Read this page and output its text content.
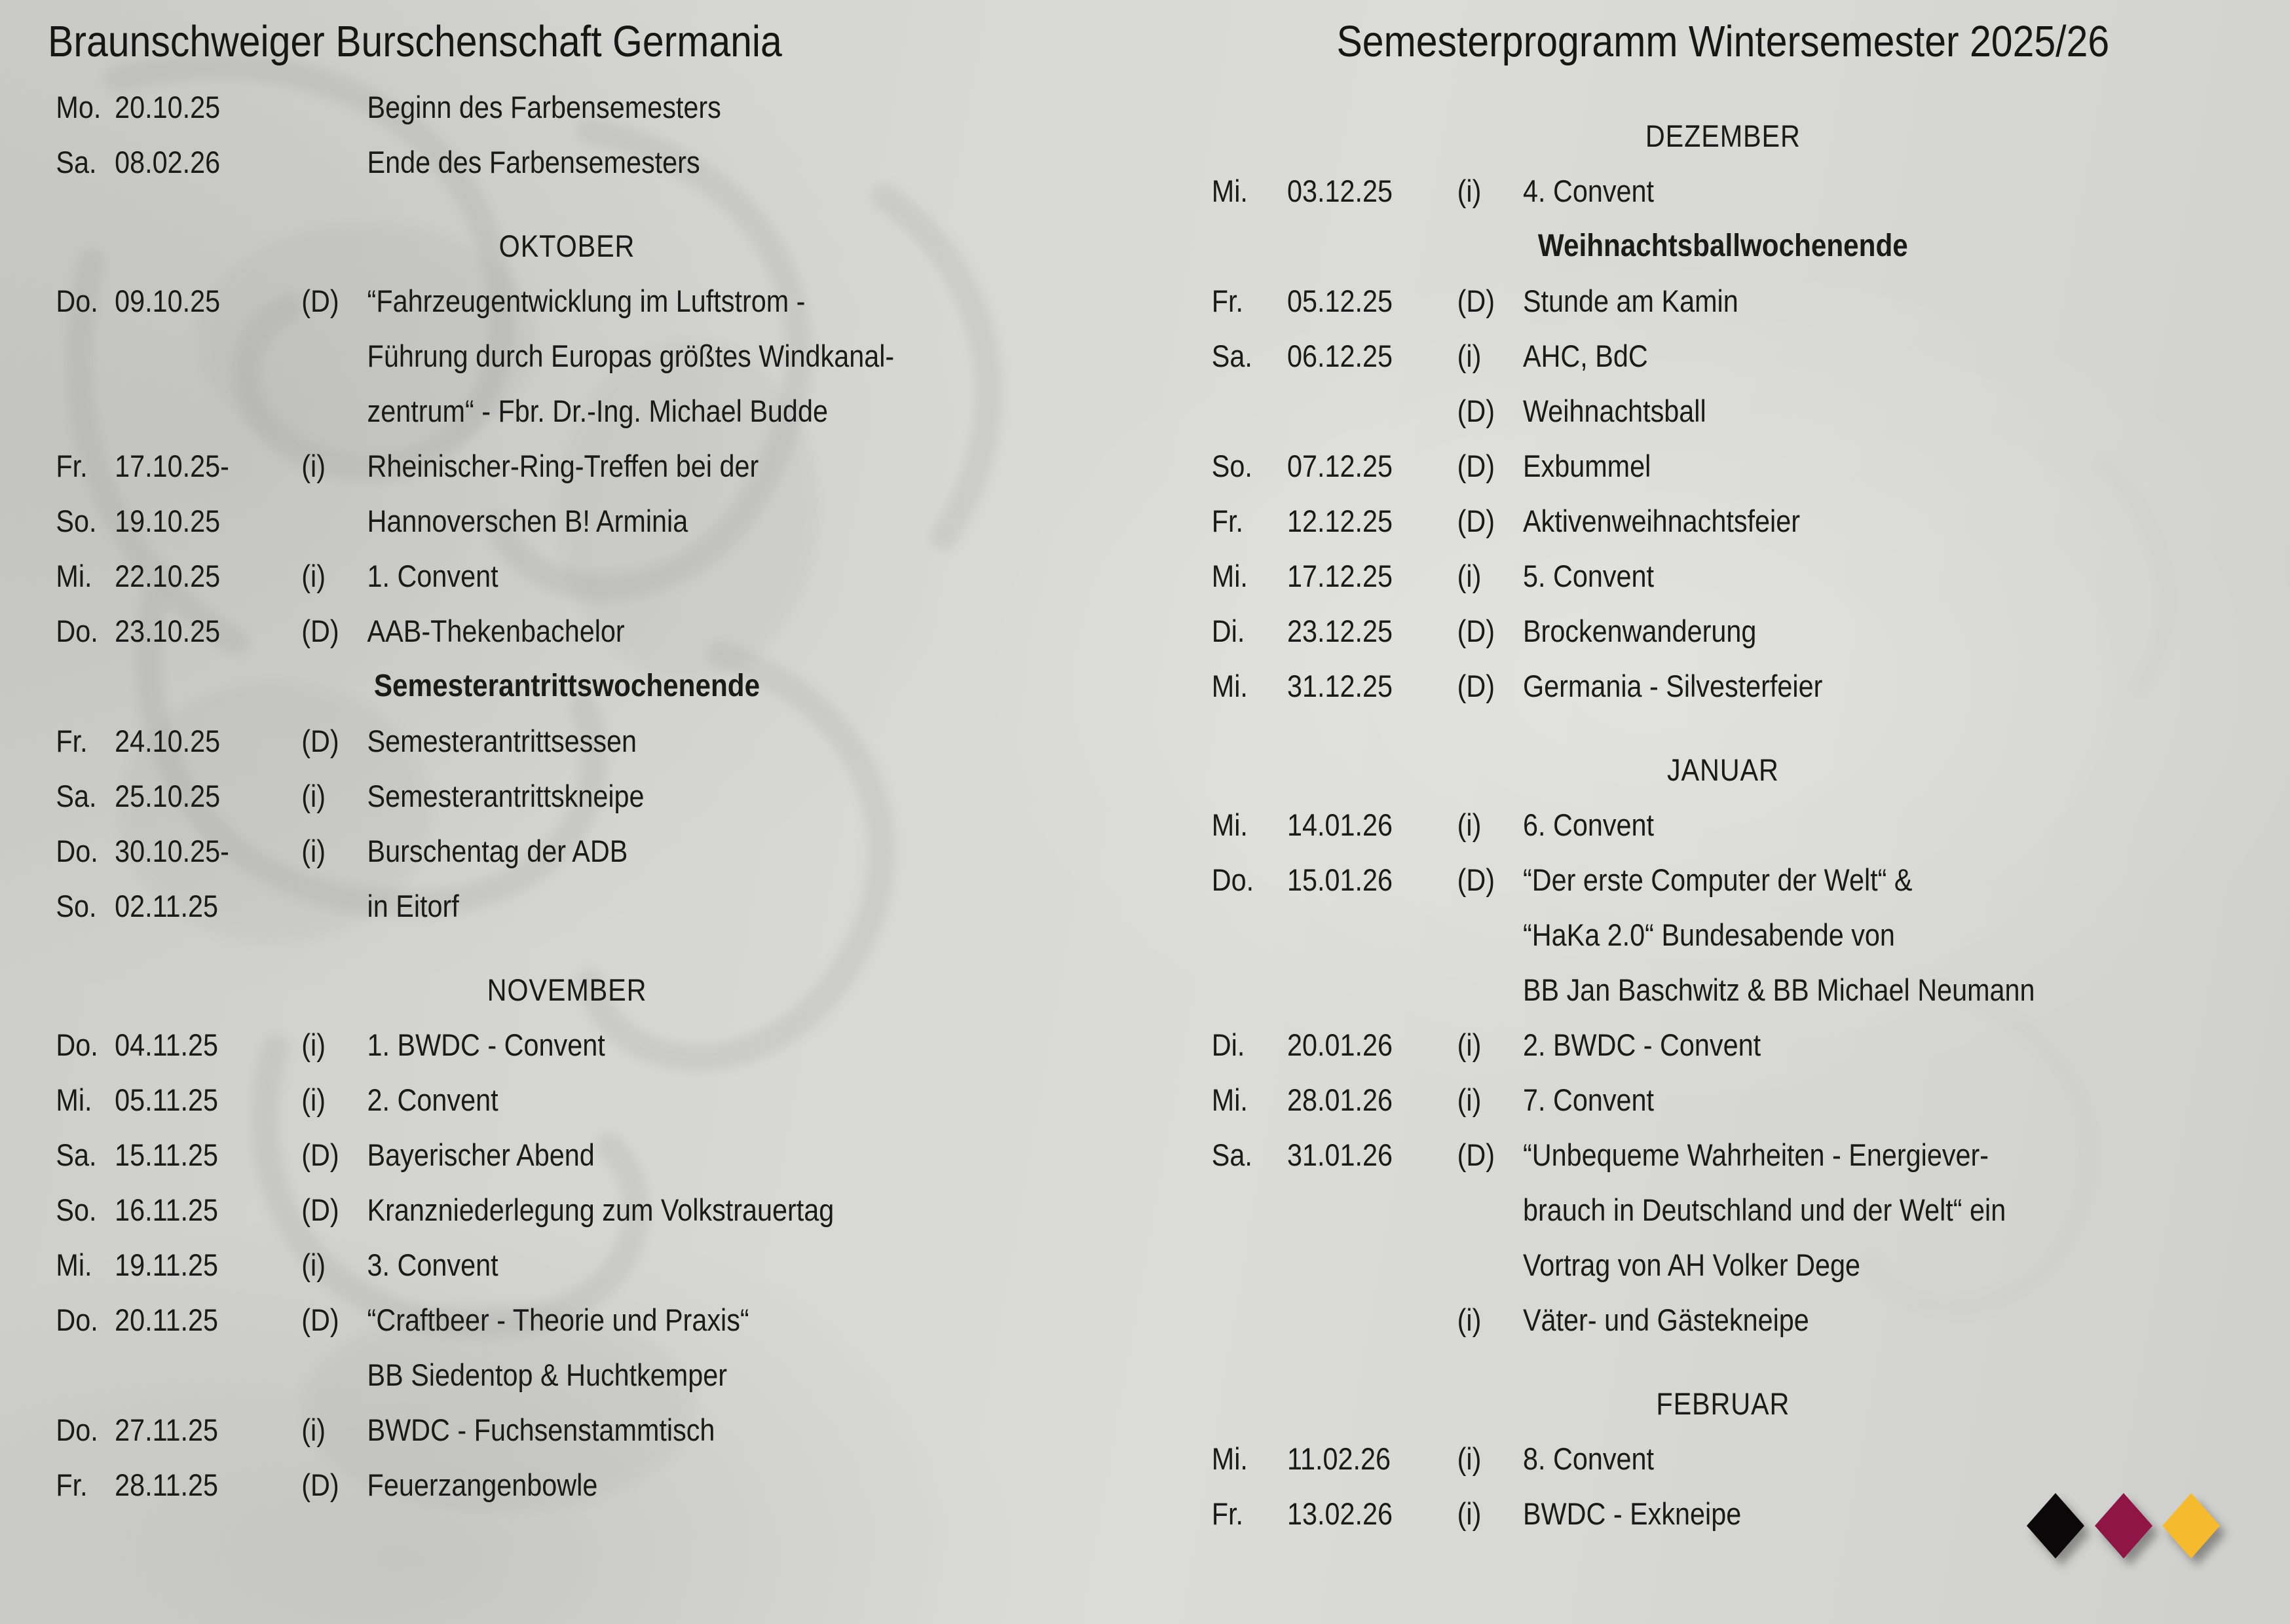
Braunschweiger Burschenschaft Germania	Semesterprogramm Wintersemester 2025/26
Mo. 20.10.25	Beginn des Farbensemesters
Sa. 08.02.26	Ende des Farbensemesters
OKTOBER
Do. 09.10.25	(D) “Fahrzeugentwicklung im Luftstrom -
Führung durch Europas größtes Windkanal-
zentrum“ - Fbr. Dr.-Ing. Michael Budde
Fr. 17.10.25-	(i)	Rheinischer-Ring-Treffen bei der
So. 19.10.25	Hannoverschen B! Arminia
Mi. 22.10.25	(i)	1. Convent
Do. 23.10.25	(D) AAB-Thekenbachelor
Semesterantrittswochenende
Fr. 24.10.25	(D) Semesterantrittsessen
Sa. 25.10.25	(i)	Semesterantrittskneipe
Do. 30.10.25-	(i)	Burschentag der ADB
So. 02.11.25	in Eitorf
NOVEMBER
Do. 04.11.25	(i)	1. BWDC - Convent
Mi. 05.11.25	(i)	2. Convent
Sa. 15.11.25	(D) Bayerischer Abend
So. 16.11.25	(D) Kranzniederlegung zum Volkstrauertag
Mi. 19.11.25	(i)	3. Convent
Do. 20.11.25	(D) “Craftbeer - Theorie und Praxis“
BB Siedentop & Huchtkemper
Do. 27.11.25	(i)	BWDC - Fuchsenstammtisch
Fr. 28.11.25	(D) Feuerzangenbowle
DEZEMBER
Mi.	03.12.25	(i)	4. Convent
Weihnachtsballwochenende
Fr.	05.12.25	(D) Stunde am Kamin
Sa.	06.12.25	(i)	AHC, BdC
(D) Weihnachtsball
So.	07.12.25	(D) Exbummel
Fr.	12.12.25	(D) Aktivenweihnachtsfeier
Mi.	17.12.25	(i)	5. Convent
Di.	23.12.25	(D) Brockenwanderung
Mi.	31.12.25	(D) Germania - Silvesterfeier
JANUAR
Mi.	14.01.26	(i)	6. Convent
Do.	15.01.26	(D) “Der erste Computer der Welt“ &
“HaKa 2.0“ Bundesabende von
BB Jan Baschwitz & BB Michael Neumann
Di.	20.01.26	(i)	2. BWDC - Convent
Mi.	28.01.26	(i)	7. Convent
Sa.	31.01.26	(D) “Unbequeme Wahrheiten - Energiever-
brauch in Deutschland und der Welt“ ein
Vortrag von AH Volker Dege
(i)	Väter- und Gästekneipe
FEBRUAR
Mi.	11.02.26	(i)	8. Convent
Fr.	13.02.26	(i)	BWDC - Exkneipe
